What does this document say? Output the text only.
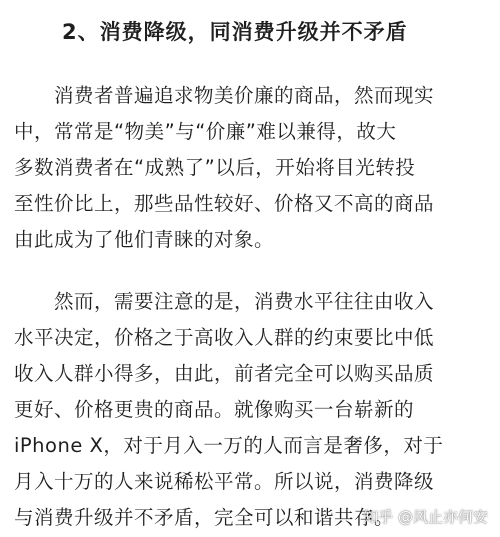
2、消费降级，同消费升级并不矛盾

　　消费者普遍追求物美价廉的商品，然而现实
中，常常是“物美”与“价廉”难以兼得，故大
多数消费者在“成熟了”以后，开始将目光转投
至性价比上，那些品性较好、价格又不高的商品
由此成为了他们青睐的对象。

　　然而，需要注意的是，消费水平往往由收入
水平决定，价格之于高收入人群的约束要比中低
收入人群小得多，由此，前者完全可以购买品质
更好、价格更贵的商品。就像购买一台崭新的
iPhone X，对于月入一万的人而言是奢侈，对于
月入十万的人来说稀松平常。所以说，消费降级
与消费升级并不矛盾，完全可以和谐共存。

知乎 @风止亦何安
